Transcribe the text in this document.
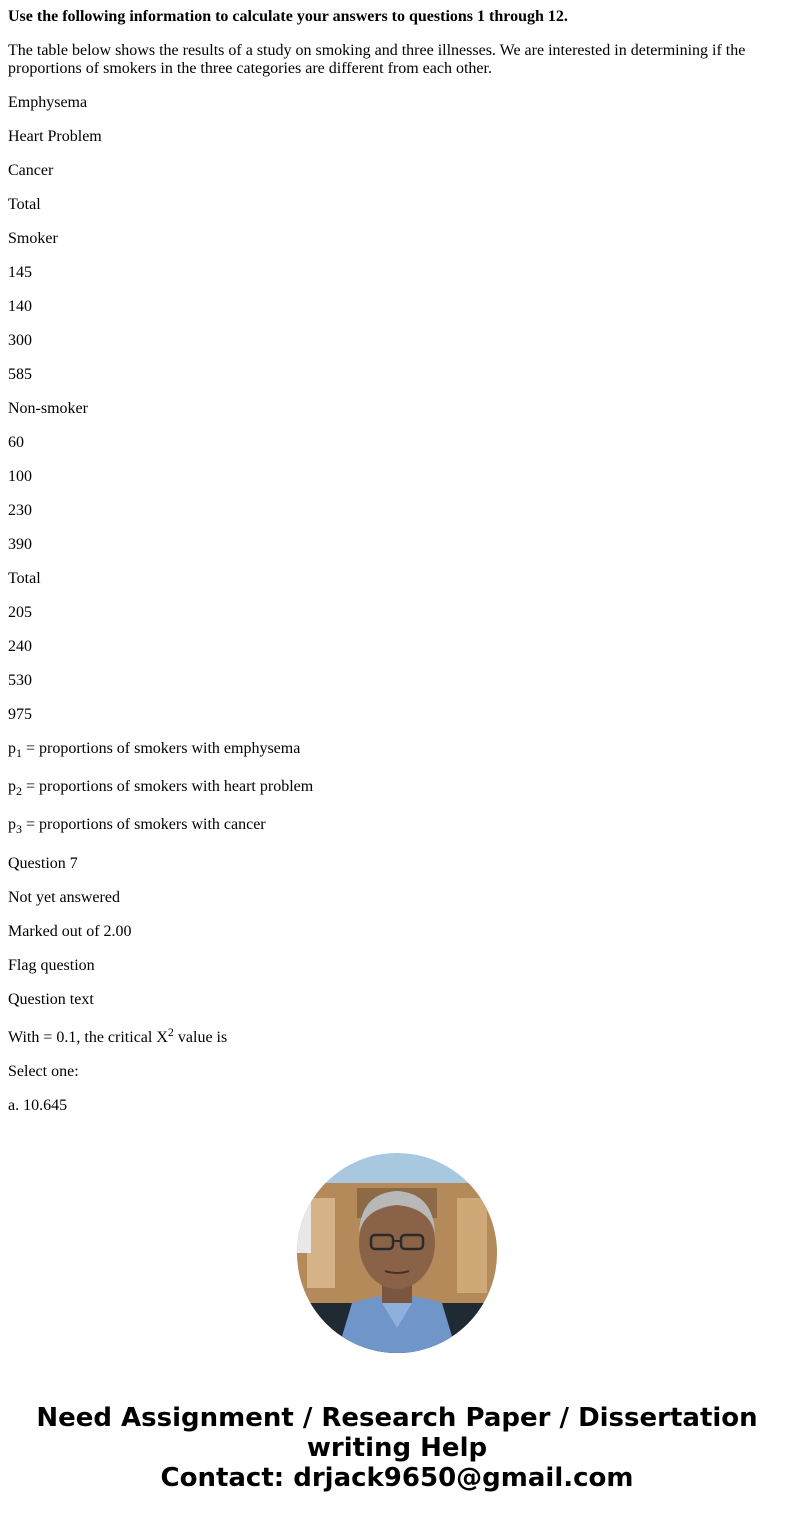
Use the following information to calculate your answers to questions 1 through 12.
The table below shows the results of a study on smoking and three illnesses. We are interested in determining if the proportions of smokers in the three categories are different from each other.
Emphysema
Heart Problem
Cancer
Total
Smoker
145
140
300
585
Non-smoker
60
100
230
390
Total
205
240
530
975
$p_1$ = proportions of smokers with emphysema
$p_2$ = proportions of smokers with heart problem
$p_3$ = proportions of smokers with cancer
Question 7
Not yet answered
Marked out of 2.00
Flag question
Question text
With = 0.1, the critical $X^2$ value is
Select one:
a. 10.645
Need Assignment / Research Paper / Dissertation
writing Help
Contact: drjack9650@gmail.com
